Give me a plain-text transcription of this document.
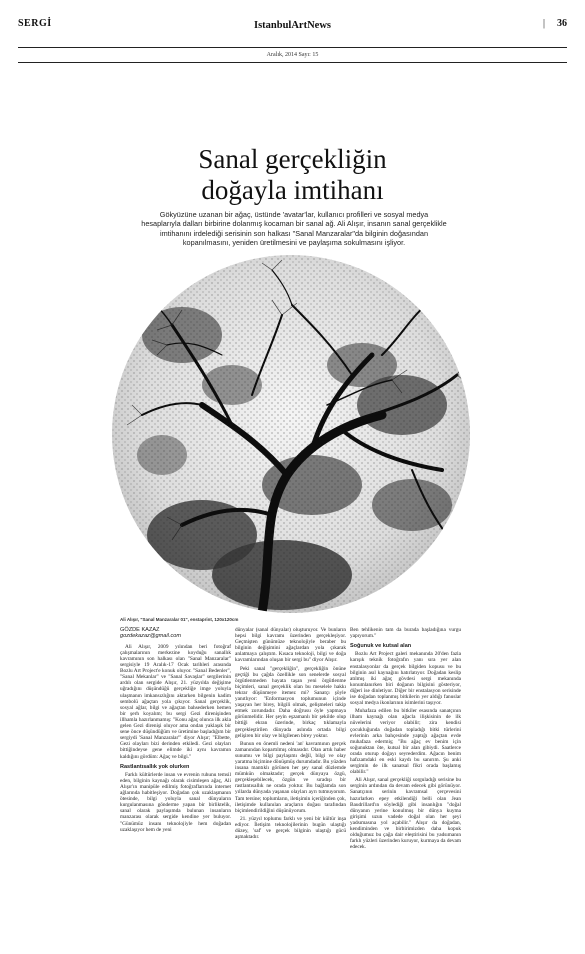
SERGİ	IstanbulArtNews	| 36
Aralık, 2014 Sayı: 15
Sanal gerçekliğin
doğayla imtihanı
Gökyüzüne uzanan bir ağaç, üstünde 'avatar'lar, kullanıcı profilleri ve sosyal medya hesaplarıyla dalları birbirine dolanmış kocaman bir sanal ağ. Ali Alışır, insanın sanal gerçeklikle imtihanını irdelediği serisinin son halkası "Sanal Manzaralar"da bilginin doğasından kopanılmasını, yeniden üretilmesini ve paylaşıma sokulmasını işliyor.
Ali Alışır, "Sanal Manzaralar 01", enstaprint, 120x120cm
GÖZDE KAZAZ
gozdekazaz@gmail.com

Ali Alışır, 2009 yılından beri fotoğraf çalışmalarının merkezine koyduğu sanallık kavramının son halkası olan "Sanal Manzaralar" sergisiyle 19 Aralık-17 Ocak tarihleri arasında Bozlu Art Project'e konuk oluyor. "Sanal Bedenler", "Sanal Mekanlar" ve "Sanal Savaşlar" sergilerinin ardılı olan sergide Alışır, 21. yüzyılda değişime uğradığını düşündüğü gerçekliğe imge yoluyla ulaşmanın imkansızlığını aktarken bilgenin kadim sembolü ağaçtan yola çıkıyor. Sanal gerçeklik, sosyal ağlar, bilgi ve ağaçtan bahsederken hemen bir şerh koyalım; bu sergi Gezi direnişinden illhamla hazırlanmamış: "Konu ağaç olunca ilk akla gelen Gezi direnişi oluyor ama ondan yaklaşık bir sene önce düşündüğüm ve üretimine başladığım bir sergiydi 'Sanal Manzaralar'" diyor Alışır; "Elbette, Gezi olayları bizi derinden etkiledi. Gezi olayları bittiğindeyse gene elimde iki aynı kavramın kaldığını gördüm: Ağaç ve bilgi."

Rastlantısallık yok olurken

Farklı kültürlerde insan ve evrenin ruhunu temsil eden, bilginin kaynağı olarak cisimleşen ağaç, Ali Alışır'ın manipüle edilmiş fotoğraflarında internet ağlarında habitleşiyor. Doğadan çok uzaklaşmanın ötesinde, bilgi yoluyla sanal dünyaların kurgulanmasına gönderme yapan bir birliktelik, sanal olarak paylaşımda bulunan insanların manzarası olarak sergide kendine yer buluyor. "Günümüz insanı teknolojiyle hem doğadan uzaklaşıyor hem de yeni

dünyalar (sanal dünyalar) oluşturuyor. Ve bunların hepsi bilgi kavramı üzerinden gerçekleşiyor. Geçmişten günümüze teknolojiyle beraber bu bilginin değişimini ağaçlardan yola çıkarak anlatmaya çalıştım. Kısaca teknoloji, bilgi ve doğa kavramlarından oluşan bir sergi bu" diyor Alışır.

Peki sanal "gerçekliğin", gerçekliğin önüne geçtiği bu çağda özellikle son senelerde sosyal örgütlenmeden hayata taşan yeni örgütlenme biçimleri, sanal gerçeklik olan bu meselele hakkı tekrar düşünmeye itemez mi? Sanatçı şöyle yanıtlıyor: "Enformasyon toplumunun içinde yaşayan her birey, bilgili olmak, gelişmeleri takip etmek zorundadır. Daha doğrusu öyle yapmaya görünmelidir. Her şeyin eşzamanlı bir şekilde olup bittiği ekran üzerinde, birkaç tıklamayla gerçekleştirilen dünyada aslında ortada bilgi gelişiren bir olay ve bilgilenen birey yoktur.

Bunun en önemli nedeni 'an' kavramının gerçek zamanından kopartılmış olmasıdır. Olan artık haber sunumu ve bilgi paylaşımı değil, bilgi ve olay yaratma biçimine dönüşmüş durumdadır. Bu yüzden insana mantıklı görünen her şey sanal düzlemde mümkün olmaktadır; gerçek dünyaya özgü, gerçekleşebilecek, özgün ve sıradışı bir rastlantısallık ne orada yoktur. Bu bağlamda son yıllarda dünyada yaşanan olayları ayrı tutmuyorum. Tam tersine; toplumların, iletişimin içeriğinden çok, iletişimde kullanılan araçların doğası tarafından biçimlendirildiğini düşünüyorum.

21. yüzyıl toplumu farklı ve yeni bir kültür inşa ediyor. İletişim teknolojilerinin bugün ulaştığı düzey, 'saf' ve gerçek bilginin ulaştığı gücü aşmaktadır.

Ben tehlikenin tam da burada başladığına vurgu yapıyorum."

Soğunuk ve kutsal alan

Bozlu Art Project galeri mekanında 20'den fazla karışık teknik fotoğrafın yanı sıra yer alan enstalasyonlar da gerçek bilgiden kopusu ve bu bilginin asıl kaynağını hatırlatıyor. Doğadan keslip atılmış iki ağaç gövdesi sergi mekanında konumlanırken biri doğanın bilgisini gösteriyor, diğeri ise dinletiyor. Diğer bir enstalasyon serisinde ise doğadan toplanmış bitkilerin yer aldığı fanuslar sosyal medya ikonlarının isimlerini taşıyor.

Muhafaza edilen bu bitkiler esasında sanatçının ilham kaynağı olan ağacla ilişkisinin de ilk nüvelerini veriyor olabilir; zira kendisi çocukluğunda doğadan topladığı bitki türlerini evlerinin arka bahçesinde yaptığı ağaçtan evde muhafaza edermiş; "Bu ağaç ev benim için soğunuktan öte, kutsal bir alan gibiydi. Saatlerce orada oturup doğayı seyrederdim. Ağacın benim hafızamdaki en eski kaydı bu sanırım. Şu anki sergimin de ilk sanatsal fikri orada başlamış olabilir."

Ali Alışır, sanal gerçekliği sorguladığı serisine bu serginin ardından da devam edecek gibi görünüyor. Sanatçının serinin kavramsal çerçevesini hazırlarken epey etkilendiği belli olan Jean Baudrillard'ın söylediği gibi insanlığın "doğal dünyanın yerine konulmuş bir dünya kuyma girişimi uzun vadede doğal olan her şeyi yadsımasına yol açabilir." Alışır da doğadan, kendiminden ve birbirimizden daha kopuk olduğumuz bu çağa dair eleştirisini bu yadsımanın farklı yüzleri üzerinden kuruyor, kurmaya da devam edecek.
